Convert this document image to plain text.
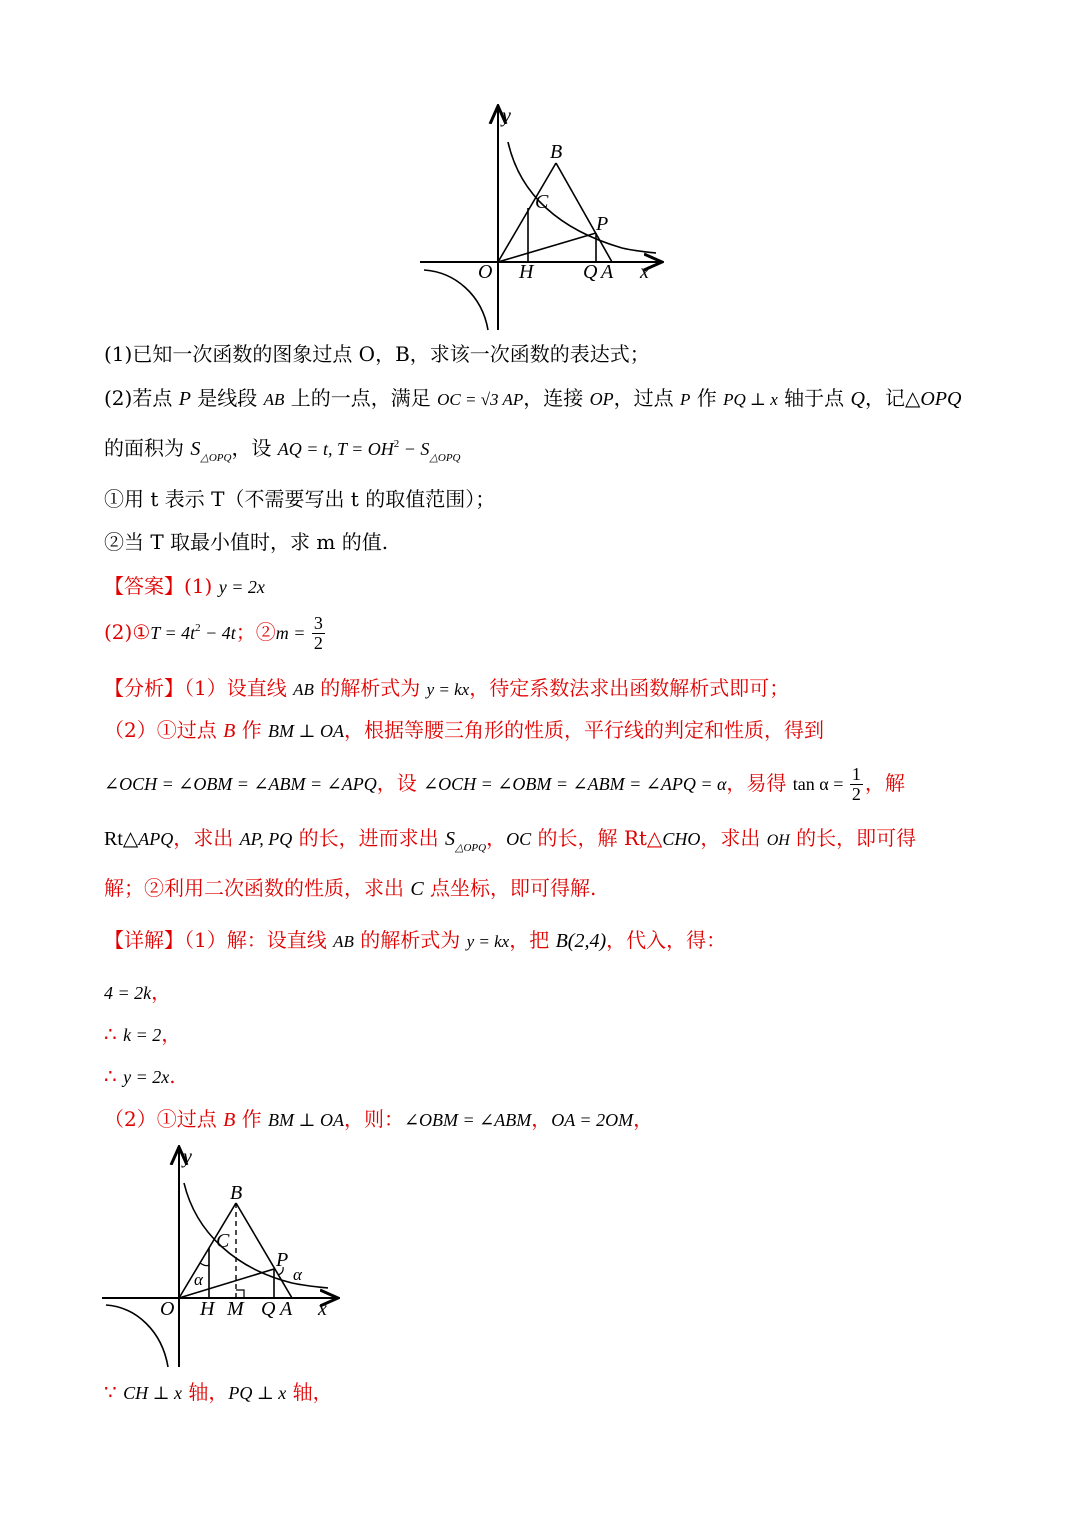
y
B
C
P
O H Q A x
(1)已知一次函数的图象过点 O，B，求该一次函数的表达式；
(2)若点 P 是线段 AB 上的一点，满足 OC = √3 AP，连接 OP，过点 P 作 PQ ⊥ x 轴于点 Q，记△OPQ
的面积为 $S_{\triangle OPQ}$，设 AQ = t, $T = OH^2 - S_{\triangle OPQ}$
①用 t 表示 T（不需要写出 t 的取值范围）；
②当 T 取最小值时，求 m 的值.
【答案】(1) y = 2x
(2)①T = $4t^2 - 4t$；②m = $\frac{3}{2}$
【分析】（1）设直线 AB 的解析式为 y = kx，待定系数法求出函数解析式即可；
（2）①过点 B 作 BM ⊥ OA，根据等腰三角形的性质，平行线的判定和性质，得到
∠OCH = ∠OBM = ∠ABM = ∠APQ，设 ∠OCH = ∠OBM = ∠ABM = ∠APQ = α，易得 $\tan \alpha = \frac{1}{2}$ ，解
Rt△APQ，求出 AP, PQ 的长，进而求出 $S_{\triangle OPQ}$，OC 的长，解 Rt△CHO，求出 OH 的长，即可得
解；②利用二次函数的性质，求出 C 点坐标，即可得解.
【详解】（1）解：设直线 AB 的解析式为 y = kx，把 B(2,4)，代入，得：
4 = 2k，
∴ k = 2，
∴ y = 2x.
（2）①过点 B 作 BM ⊥ OA，则：∠OBM = ∠ABM，OA = 2OM，
y
B
C
α
P
α
O H M Q A x
∵ CH ⊥ x 轴，PQ ⊥ x 轴，
